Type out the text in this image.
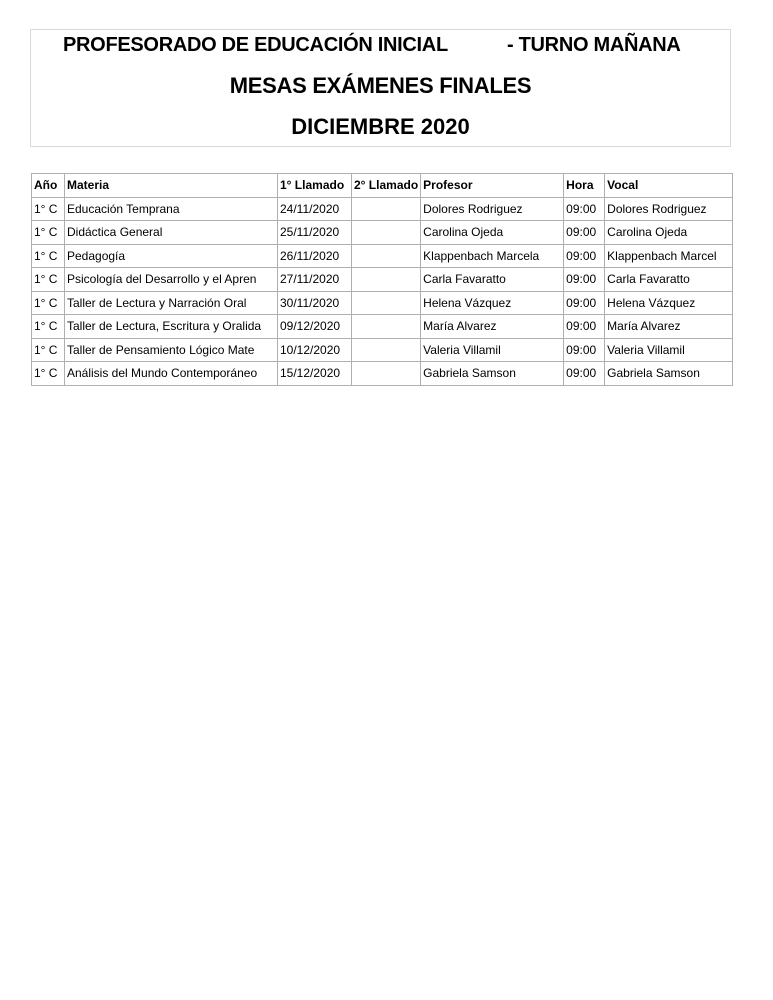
PROFESORADO DE EDUCACIÓN INICIAL	- TURNO MAÑANA
MESAS EXÁMENES FINALES
DICIEMBRE 2020
Año	Materia	1° Llamado	2° Llamado	Profesor	Hora	Vocal
1° C	Educación Temprana	24/11/2020		Dolores Rodriguez	09:00	Dolores Rodriguez
1° C	Didáctica General	25/11/2020		Carolina Ojeda	09:00	Carolina Ojeda
1° C	Pedagogía	26/11/2020		Klappenbach Marcela	09:00	Klappenbach Marcel
1° C	Psicología del Desarrollo y el Apren	27/11/2020		Carla Favaratto	09:00	Carla Favaratto
1° C	Taller de Lectura y Narración Oral	30/11/2020		Helena Vázquez	09:00	Helena Vázquez
1° C	Taller de Lectura, Escritura y Oralida	09/12/2020		María Alvarez	09:00	María Alvarez
1° C	Taller de Pensamiento Lógico Mate	10/12/2020		Valeria Villamil	09:00	Valeria Villamil
1° C	Análisis del Mundo Contemporáneo	15/12/2020		Gabriela Samson	09:00	Gabriela Samson
